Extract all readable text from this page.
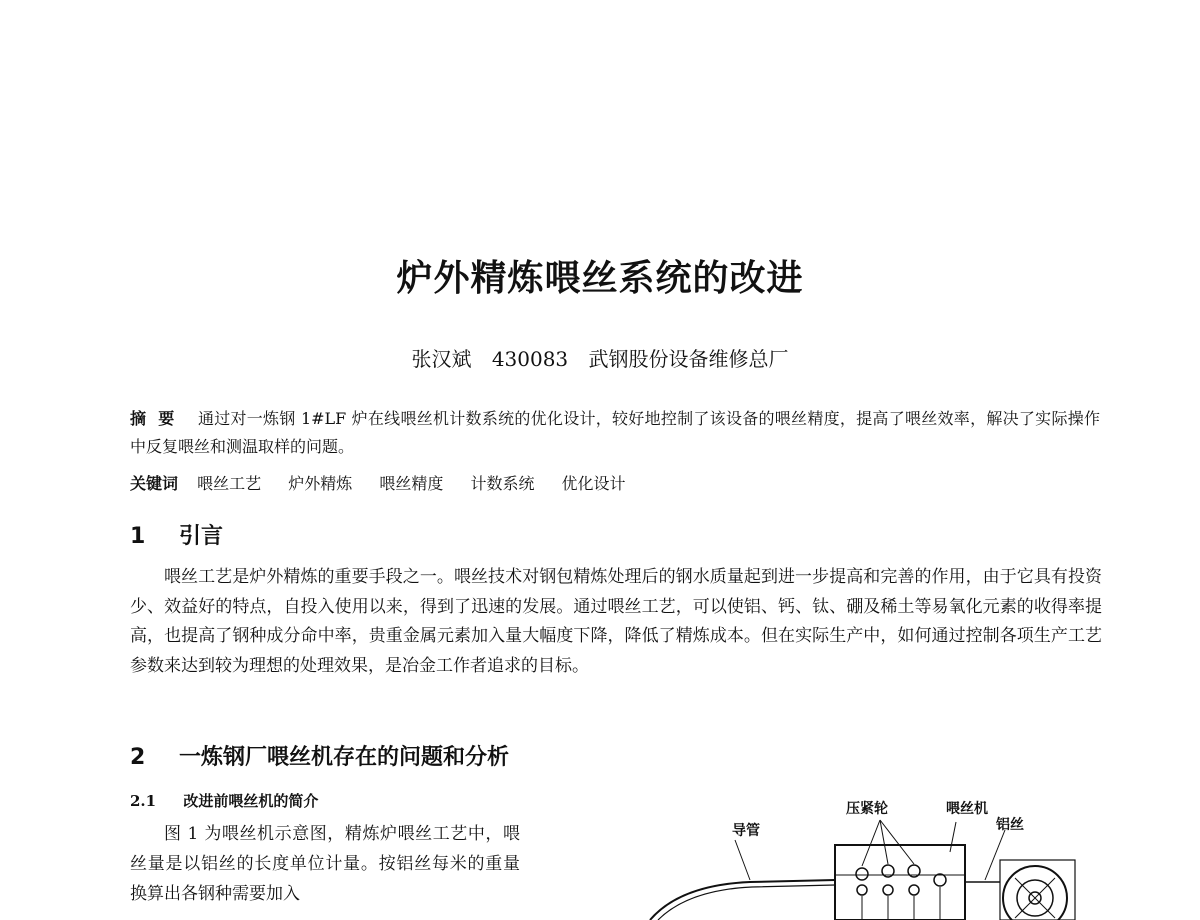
炉外精炼喂丝系统的改进
张汉斌 430083 武钢股份设备维修总厂
摘要 通过对一炼钢 1#LF 炉在线喂丝机计数系统的优化设计，较好地控制了该设备的喂丝精度，提高了喂丝效率，解决了实际操作中反复喂丝和测温取样的问题。
关键词 喂丝工艺 炉外精炼 喂丝精度 计数系统 优化设计
1 引言
喂丝工艺是炉外精炼的重要手段之一。喂丝技术对钢包精炼处理后的钢水质量起到进一步提高和完善的作用，由于它具有投资少、效益好的特点，自投入使用以来，得到了迅速的发展。通过喂丝工艺，可以使铝、钙、钛、硼及稀土等易氧化元素的收得率提高，也提高了钢种成分命中率，贵重金属元素加入量大幅度下降，降低了精炼成本。但在实际生产中，如何通过控制各项生产工艺参数来达到较为理想的处理效果，是冶金工作者追求的目标。
2 一炼钢厂喂丝机存在的问题和分析
2.1 改进前喂丝机的简介
图 1 为喂丝机示意图，精炼炉喂丝工艺中，喂丝量是以铝丝的长度单位计量。按铝丝每米的重量换算出各钢种需要加入
导管
压紧轮	喂丝机
铝丝
